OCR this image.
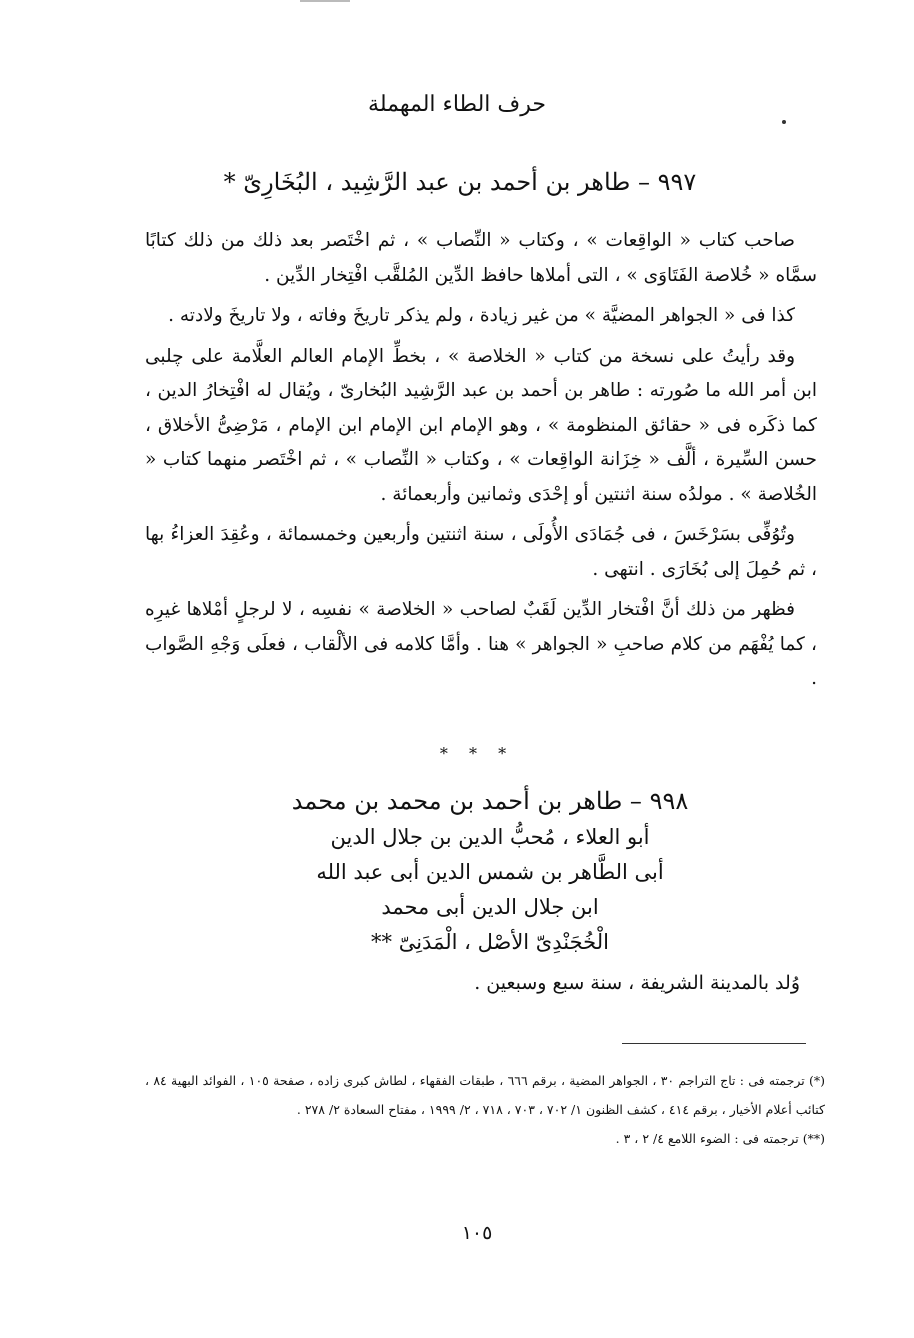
حرف الطاء المهملة
٩٩٧ – طاهر بن أحمد بن عبد الرَّشِيد ، البُخَارِىّ *

صاحب كتاب « الواقِعات » ، وكتاب « النِّصاب » ، ثم اخْتَصر بعد ذلك من ذلك كتابًا سمَّاه « خُلاصة الفَتَاوَى » ، التى أملاها حافظ الدِّين المُلقَّب افْتِخار الدِّين .

كذا فى « الجواهر المضيَّة » من غير زيادة ، ولم يذكر تاريخَ وفاته ، ولا تاريخَ ولادته .

وقد رأيتُ على نسخة من كتاب « الخلاصة » ، بخطِّ الإمام العالم العلَّامة على چلبى ابن أمر الله ما صُورته : طاهر بن أحمد بن عبد الرَّشِيد البُخارىّ ، ويُقال له افْتِخارُ الدين ، كما ذكَره فى « حقائق المنظومة » ، وهو الإمام ابن الإمام ابن الإمام ، مَرْضِىُّ الأخلاق ، حسن السِّيرة ، ألَّف « خِزَانة الواقِعات » ، وكتاب « النِّصاب » ، ثم اخْتَصر منهما كتاب « الخُلاصة » . مولدُه سنة اثنتين أو إحْدَى وثمانين وأربعمائة .

وتُوُفِّى بسَرْخَسَ ، فى جُمَادَى الأُولَى ، سنة اثنتين وأربعين وخمسمائة ، وعُقِدَ العزاءُ بها ، ثم حُمِلَ إلى بُخَارَى . انتهى .

فظهر من ذلك أنَّ افْتخار الدِّين لَقَبٌ لصاحب « الخلاصة » نفسِه ، لا لرجلٍ أمْلاها غيرِه ، كما يُفْهَم من كلام صاحبِ « الجواهر » هنا . وأمَّا كلامه فى الألْقاب ، فعلَى وَجْهِ الصَّواب .

* * *
٩٩٨ – طاهر بن أحمد بن محمد بن محمد
أبو العلاء ، مُحبُّ الدين بن جلال الدين
أبى الطَّاهر بن شمس الدين أبى عبد الله
ابن جلال الدين أبى محمد
الْخُجَنْدِىّ الأصْل ، الْمَدَنِىّ **
وُلد بالمدينة الشريفة ، سنة سبع وسبعين .

(*) ترجمته فى : تاج التراجم ٣٠ ، الجواهر المضية ، برقم ٦٦٦ ، طبقات الفقهاء ، لطاش كبرى زاده ، صفحة ١٠٥ ، الفوائد البهية ٨٤ ، كتائب أعلام الأخيار ، برقم ٤١٤ ، كشف الظنون ١/ ٧٠٢ ، ٧٠٣ ، ٧١٨ ، ٢/ ١٩٩٩ ، مفتاح السعادة ٢/ ٢٧٨ .

(**) ترجمته فى : الضوء اللامع ٤/ ٢ ، ٣ .

١٠٥
